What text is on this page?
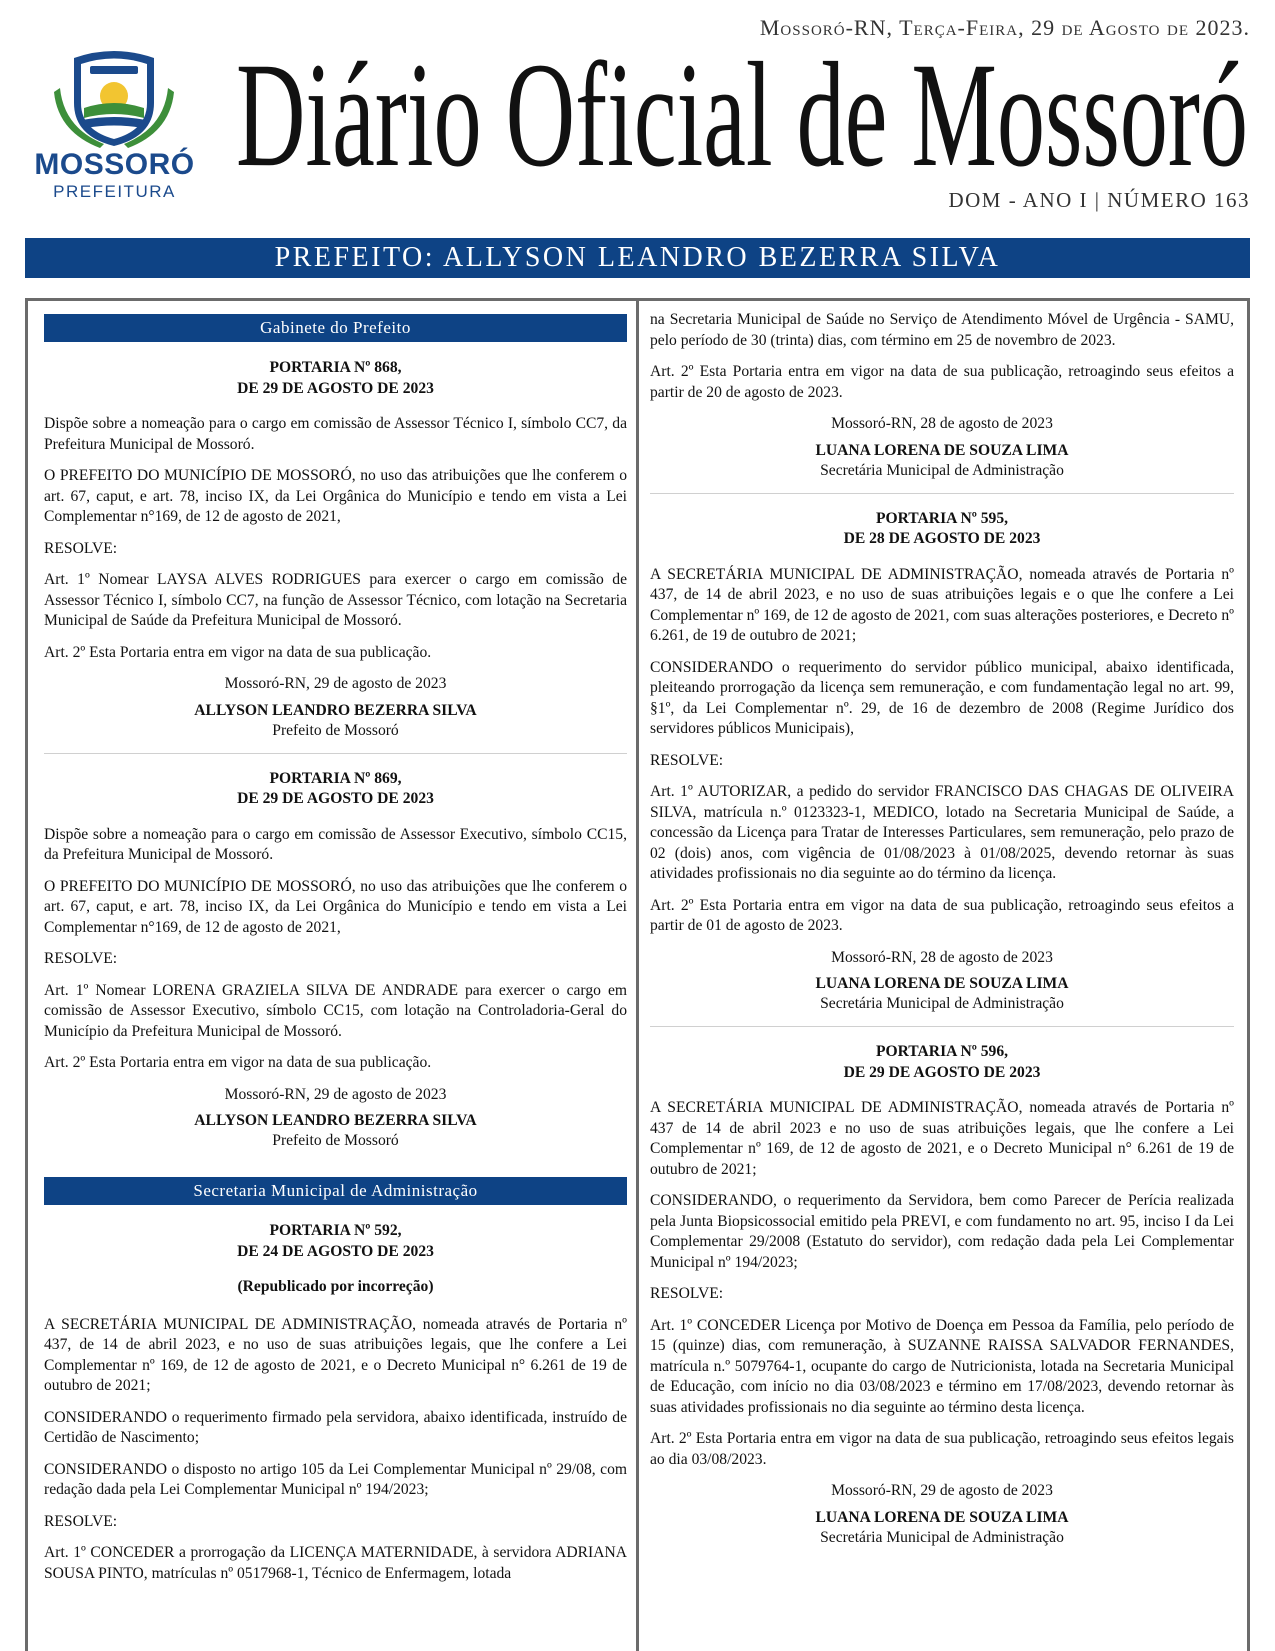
Mossoró-RN, Terça-Feira, 29 de Agosto de 2023.
MOSSORÓ
PREFEITURA Diário Oficial de Mossoró
DOM - ANO I | NÚMERO 163
PREFEITO: ALLYSON LEANDRO BEZERRA SILVA
Gabinete do Prefeito
PORTARIA Nº 868,
DE 29 DE AGOSTO DE 2023

Dispõe sobre a nomeação para o cargo em comissão de Assessor Técnico I, símbolo CC7, da Prefeitura Municipal de Mossoró.

O PREFEITO DO MUNICÍPIO DE MOSSORÓ, no uso das atribuições que lhe conferem o art. 67, caput, e art. 78, inciso IX, da Lei Orgânica do Município e tendo em vista a Lei Complementar n°169, de 12 de agosto de 2021,

RESOLVE:

Art. 1º Nomear LAYSA ALVES RODRIGUES para exercer o cargo em comissão de Assessor Técnico I, símbolo CC7, na função de Assessor Técnico, com lotação na Secretaria Municipal de Saúde da Prefeitura Municipal de Mossoró.

Art. 2º Esta Portaria entra em vigor na data de sua publicação.

Mossoró-RN, 29 de agosto de 2023
ALLYSON LEANDRO BEZERRA SILVA
Prefeito de Mossoró
PORTARIA Nº 869,
DE 29 DE AGOSTO DE 2023

Dispõe sobre a nomeação para o cargo em comissão de Assessor Executivo, símbolo CC15, da Prefeitura Municipal de Mossoró.

O PREFEITO DO MUNICÍPIO DE MOSSORÓ, no uso das atribuições que lhe conferem o art. 67, caput, e art. 78, inciso IX, da Lei Orgânica do Município e tendo em vista a Lei Complementar n°169, de 12 de agosto de 2021,

RESOLVE:

Art. 1º Nomear LORENA GRAZIELA SILVA DE ANDRADE para exercer o cargo em comissão de Assessor Executivo, símbolo CC15, com lotação na Controladoria-Geral do Município da Prefeitura Municipal de Mossoró.

Art. 2º Esta Portaria entra em vigor na data de sua publicação.

Mossoró-RN, 29 de agosto de 2023
ALLYSON LEANDRO BEZERRA SILVA
Prefeito de Mossoró
Secretaria Municipal de Administração
PORTARIA Nº 592,
DE 24 DE AGOSTO DE 2023

(Republicado por incorreção)

A SECRETÁRIA MUNICIPAL DE ADMINISTRAÇÃO, nomeada através de Portaria nº 437, de 14 de abril 2023, e no uso de suas atribuições legais, que lhe confere a Lei Complementar nº 169, de 12 de agosto de 2021, e o Decreto Municipal n° 6.261 de 19 de outubro de 2021;

CONSIDERANDO o requerimento firmado pela servidora, abaixo identificada, instruído de Certidão de Nascimento;

CONSIDERANDO o disposto no artigo 105 da Lei Complementar Municipal nº 29/08, com redação dada pela Lei Complementar Municipal nº 194/2023;

RESOLVE:

Art. 1º CONCEDER a prorrogação da LICENÇA MATERNIDADE, à servidora ADRIANA SOUSA PINTO, matrículas nº 0517968-1, Técnico de Enfermagem, lotada

na Secretaria Municipal de Saúde no Serviço de Atendimento Móvel de Urgência - SAMU, pelo período de 30 (trinta) dias, com término em 25 de novembro de 2023.

Art. 2º Esta Portaria entra em vigor na data de sua publicação, retroagindo seus efeitos a partir de 20 de agosto de 2023.

Mossoró-RN, 28 de agosto de 2023
LUANA LORENA DE SOUZA LIMA
Secretária Municipal de Administração
PORTARIA Nº 595,
DE 28 DE AGOSTO DE 2023

A SECRETÁRIA MUNICIPAL DE ADMINISTRAÇÃO, nomeada através de Portaria nº 437, de 14 de abril 2023, e no uso de suas atribuições legais e o que lhe confere a Lei Complementar nº 169, de 12 de agosto de 2021, com suas alterações posteriores, e Decreto nº 6.261, de 19 de outubro de 2021;

CONSIDERANDO o requerimento do servidor público municipal, abaixo identificada, pleiteando prorrogação da licença sem remuneração, e com fundamentação legal no art. 99, §1º, da Lei Complementar nº. 29, de 16 de dezembro de 2008 (Regime Jurídico dos servidores públicos Municipais),

RESOLVE:

Art. 1º AUTORIZAR, a pedido do servidor FRANCISCO DAS CHAGAS DE OLIVEIRA SILVA, matrícula n.º 0123323-1, MEDICO, lotado na Secretaria Municipal de Saúde, a concessão da Licença para Tratar de Interesses Particulares, sem remuneração, pelo prazo de 02 (dois) anos, com vigência de 01/08/2023 à 01/08/2025, devendo retornar às suas atividades profissionais no dia seguinte ao do término da licença.

Art. 2º Esta Portaria entra em vigor na data de sua publicação, retroagindo seus efeitos a partir de 01 de agosto de 2023.

Mossoró-RN, 28 de agosto de 2023
LUANA LORENA DE SOUZA LIMA
Secretária Municipal de Administração
PORTARIA Nº 596,
DE 29 DE AGOSTO DE 2023

A SECRETÁRIA MUNICIPAL DE ADMINISTRAÇÃO, nomeada através de Portaria nº 437 de 14 de abril 2023 e no uso de suas atribuições legais, que lhe confere a Lei Complementar nº 169, de 12 de agosto de 2021, e o Decreto Municipal n° 6.261 de 19 de outubro de 2021;

CONSIDERANDO, o requerimento da Servidora, bem como Parecer de Perícia realizada pela Junta Biopsicossocial emitido pela PREVI, e com fundamento no art. 95, inciso I da Lei Complementar 29/2008 (Estatuto do servidor), com redação dada pela Lei Complementar Municipal nº 194/2023;

RESOLVE:

Art. 1º CONCEDER Licença por Motivo de Doença em Pessoa da Família, pelo período de 15 (quinze) dias, com remuneração, à SUZANNE RAISSA SALVADOR FERNANDES, matrícula n.º 5079764-1, ocupante do cargo de Nutricionista, lotada na Secretaria Municipal de Educação, com início no dia 03/08/2023 e término em 17/08/2023, devendo retornar às suas atividades profissionais no dia seguinte ao término desta licença.

Art. 2º Esta Portaria entra em vigor na data de sua publicação, retroagindo seus efeitos legais ao dia 03/08/2023.

Mossoró-RN, 29 de agosto de 2023
LUANA LORENA DE SOUZA LIMA
Secretária Municipal de Administração
